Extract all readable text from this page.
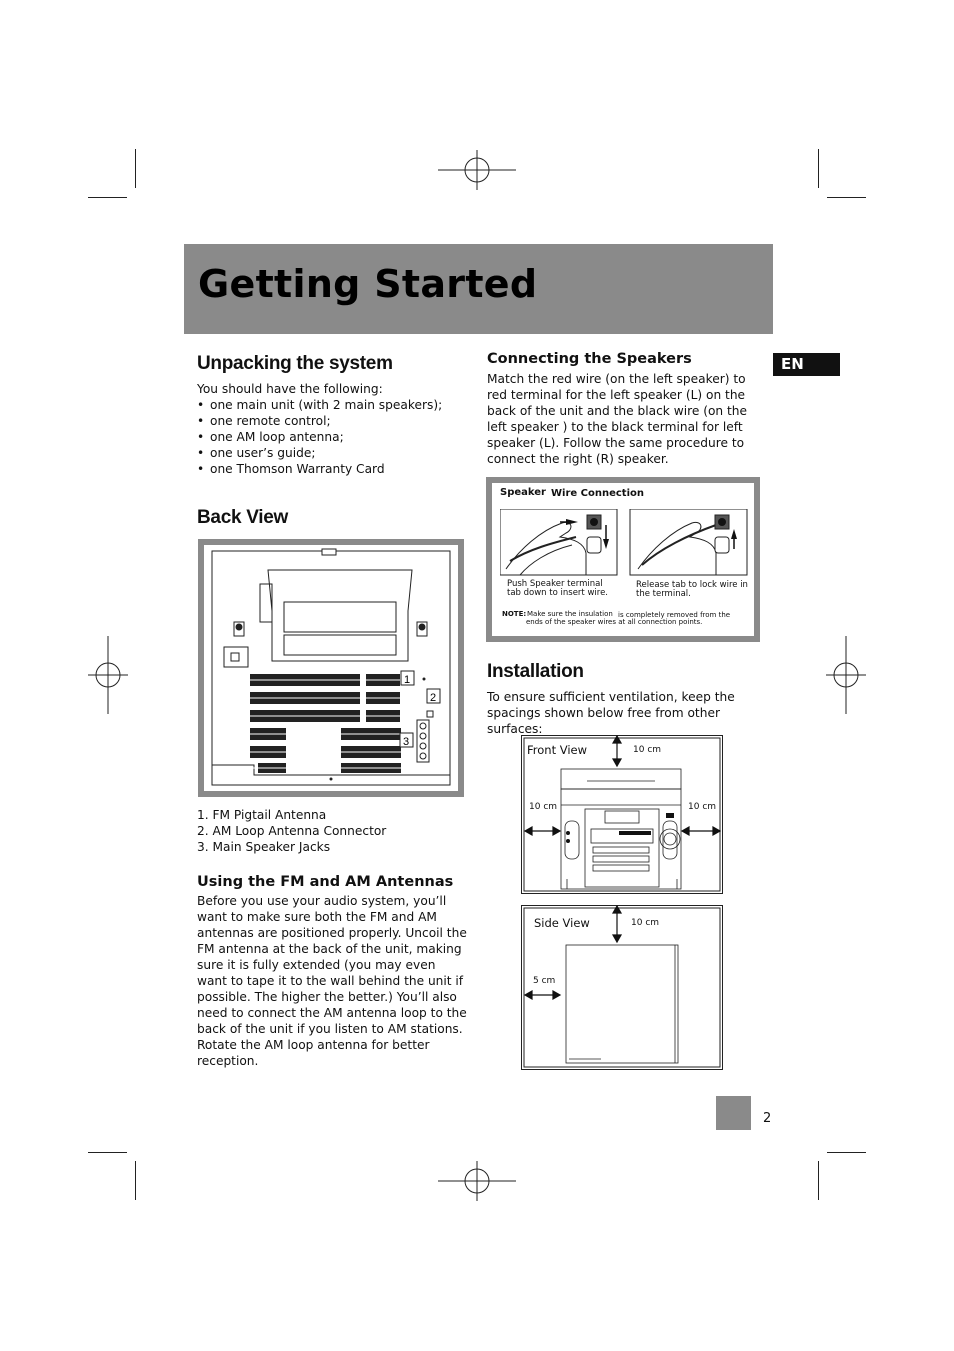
Getting Started
EN
Unpacking the system
You should have the following:
• one main unit (with 2 main speakers);
• one remote control;
• one AM loop antenna;
• one user’s guide;
• one Thomson Warranty Card
Back View
1
2
3
1. FM Pigtail Antenna
2. AM Loop Antenna Connector
3. Main Speaker Jacks
Using the FM and AM Antennas
Before you use your audio system, you’ll want to make sure both the FM and AM antennas are positioned properly. Uncoil the FM antenna at the back of the unit, making sure it is fully extended (you may even want to tape it to the wall behind the unit if possible. The higher the better.) You’ll also need to connect the AM antenna loop to the back of the unit if you listen to AM stations. Rotate the AM loop antenna for better reception.
Connecting the Speakers
Match the red wire (on the left speaker) to red terminal for the left speaker (L) on the back of the unit and the black wire (on the left speaker ) to the black terminal for left speaker (L). Follow the same procedure to connect the right (R) speaker.
Speaker Wire Connection
Push Speaker terminal tab down to insert wire.
Release tab to lock wire in the terminal.
NOTE: Make sure the insulation is completely removed from the
ends of the speaker wires at all connection points.
Installation
To ensure sufficient ventilation, keep the spacings shown below free from other surfaces:
Front View	10 cm
10 cm	10 cm
Side View	10 cm
5 cm
2
